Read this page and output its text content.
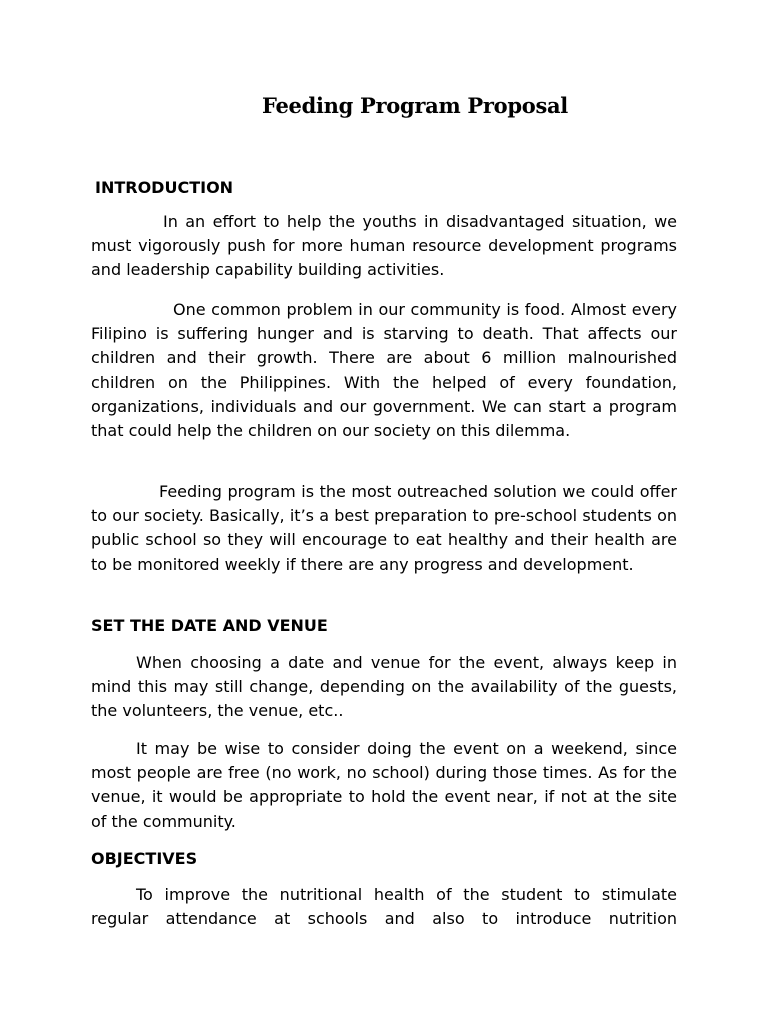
Feeding Program Proposal
INTRODUCTION

In an effort to help the youths in disadvantaged situation, we must vigorously push for more human resource development programs and leadership capability building activities.

One common problem in our community is food. Almost every Filipino is suffering hunger and is starving to death. That affects our children and their growth. There are about 6 million malnourished children on the Philippines. With the helped of every foundation, organizations, individuals and our government. We can start a program that could help the children on our society on this dilemma.

Feeding program is the most outreached solution we could offer to our society. Basically, it’s a best preparation to pre-school students on public school so they will encourage to eat healthy and their health are to be monitored weekly if there are any progress and development.

SET THE DATE AND VENUE

When choosing a date and venue for the event, always keep in mind this may still change, depending on the availability of the guests, the volunteers, the venue, etc..

It may be wise to consider doing the event on a weekend, since most people are free (no work, no school) during those times. As for the venue, it would be appropriate to hold the event near, if not at the site of the community.

OBJECTIVES

To improve the nutritional health of the student to stimulate regular attendance at schools and also to introduce nutrition
